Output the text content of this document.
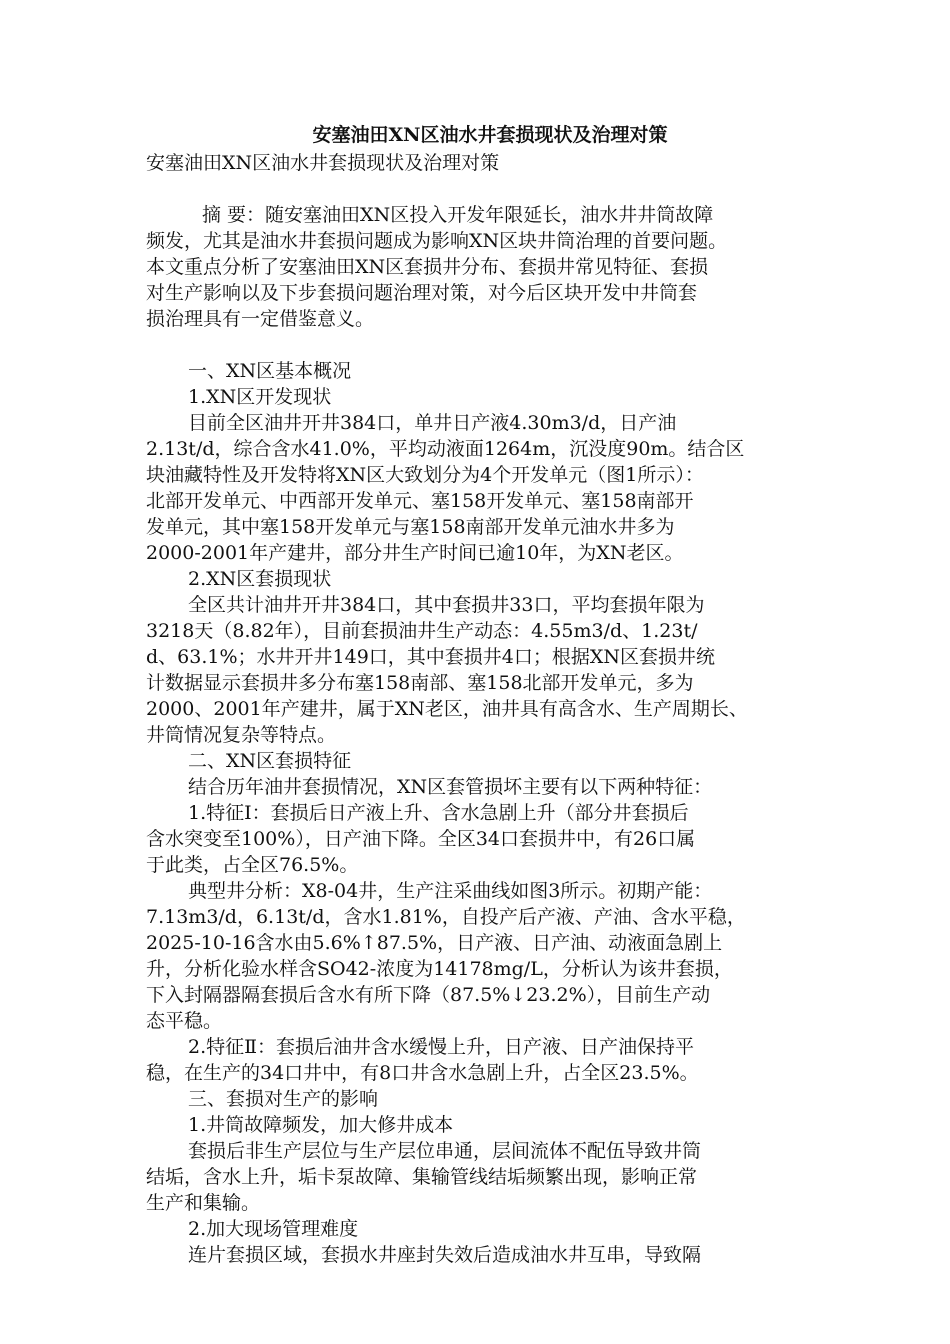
安塞油田XN区油水井套损现状及治理对策

安塞油田XN区油水井套损现状及治理对策

摘 要：随安塞油田XN区投入开发年限延长，油水井井筒故障

频发，尤其是油水井套损问题成为影响XN区块井筒治理的首要问题。

本文重点分析了安塞油田XN区套损井分布、套损井常见特征、套损

对生产影响以及下步套损问题治理对策，对今后区块开发中井筒套

损治理具有一定借鉴意义。

一、XN区基本概况

1.XN区开发现状

目前全区油井开井384口，单井日产液4.30m3/d，日产油

2.13t/d，综合含水41.0%，平均动液面1264m，沉没度90m。结合区

块油藏特性及开发特将XN区大致划分为4个开发单元（图1所示）：

北部开发单元、中西部开发单元、塞158开发单元、塞158南部开

发单元，其中塞158开发单元与塞158南部开发单元油水井多为

2000-2001年产建井，部分井生产时间已逾10年，为XN老区。

2.XN区套损现状

全区共计油井开井384口，其中套损井33口，平均套损年限为

3218天（8.82年），目前套损油井生产动态：4.55m3/d、1.23t/

d、63.1%；水井开井149口，其中套损井4口；根据XN区套损井统

计数据显示套损井多分布塞158南部、塞158北部开发单元，多为

2000、2001年产建井，属于XN老区，油井具有高含水、生产周期长、

井筒情况复杂等特点。

二、XN区套损特征

结合历年油井套损情况，XN区套管损坏主要有以下两种特征：

1.特征Ⅰ：套损后日产液上升、含水急剧上升（部分井套损后

含水突变至100%），日产油下降。全区34口套损井中，有26口属

于此类，占全区76.5%。

典型井分析：X8-04井，生产注采曲线如图3所示。初期产能：

7.13m3/d，6.13t/d，含水1.81%，自投产后产液、产油、含水平稳，

2025-10-16含水由5.6%↑87.5%，日产液、日产油、动液面急剧上

升，分析化验水样含SO42-浓度为14178mg/L，分析认为该井套损，

下入封隔器隔套损后含水有所下降（87.5%↓23.2%），目前生产动

态平稳。

2.特征Ⅱ：套损后油井含水缓慢上升，日产液、日产油保持平

稳，在生产的34口井中，有8口井含水急剧上升，占全区23.5%。

三、套损对生产的影响

1.井筒故障频发，加大修井成本

套损后非生产层位与生产层位串通，层间流体不配伍导致井筒

结垢，含水上升，垢卡泵故障、集输管线结垢频繁出现，影响正常

生产和集输。

2.加大现场管理难度

连片套损区域，套损水井座封失效后造成油水井互串，导致隔
